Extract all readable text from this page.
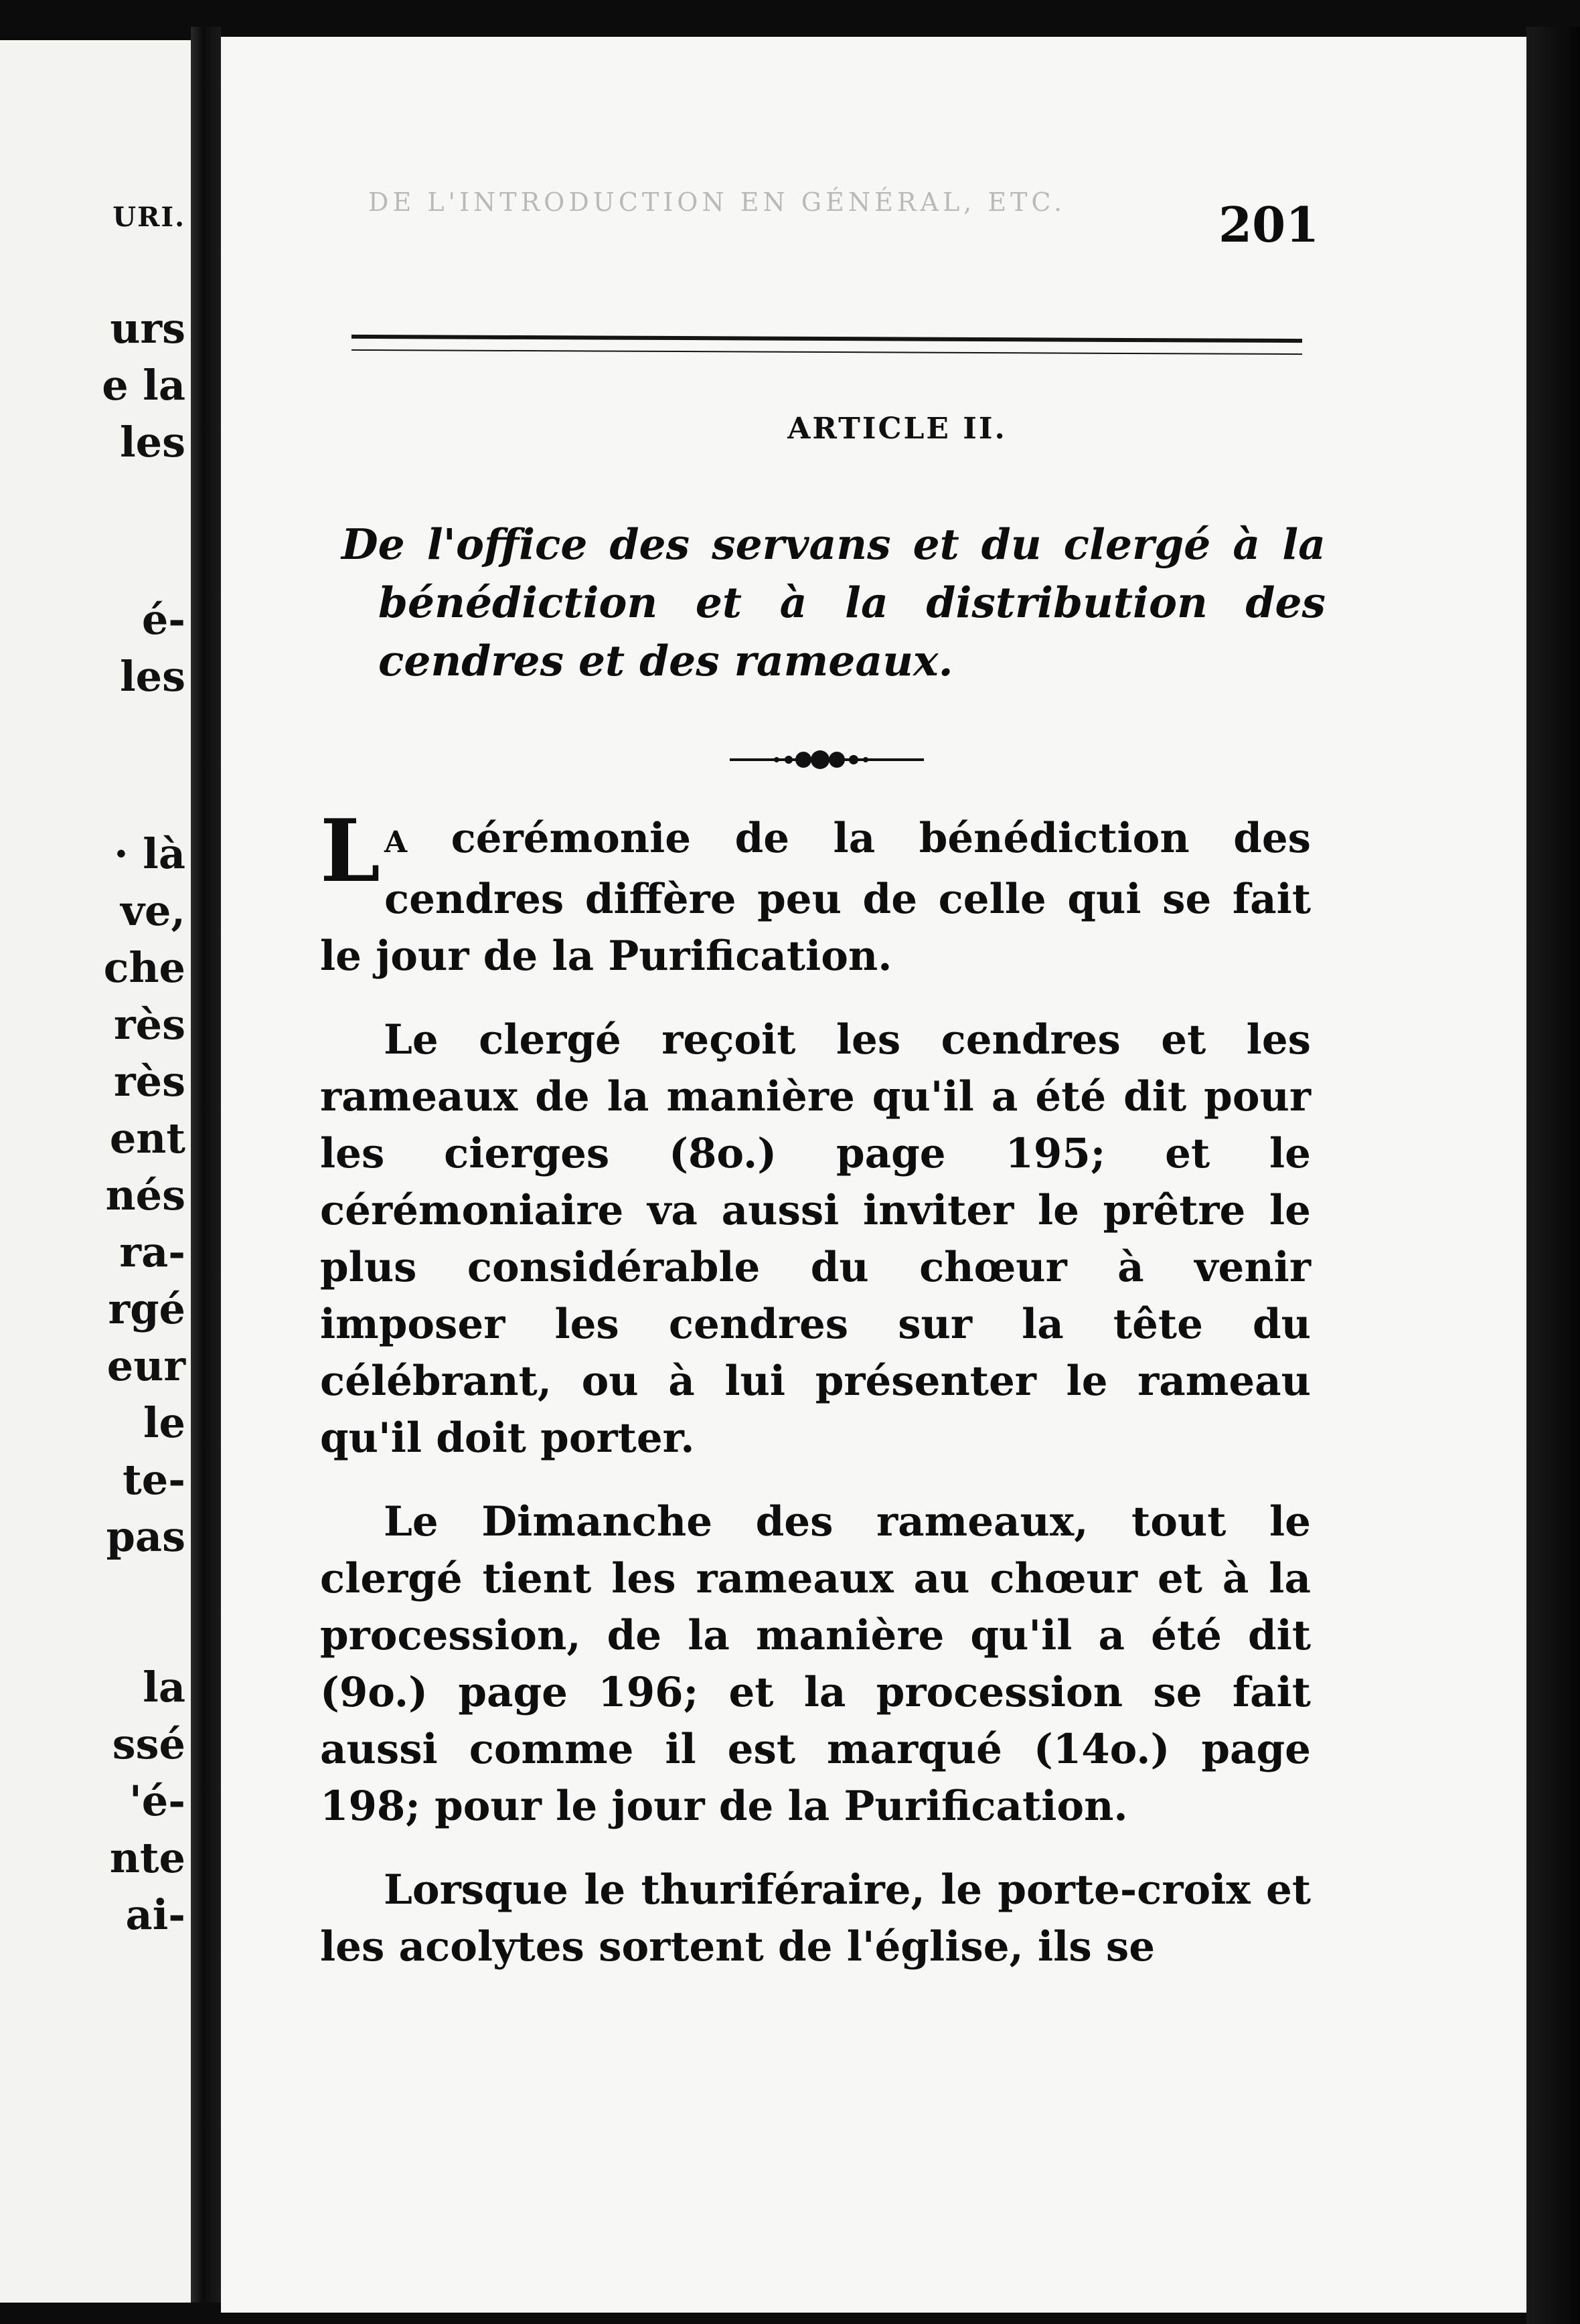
URI.
urs
e la
les
é-
les
· là
ve,
che
rès
rès
ent
nés
ra-
rgé
eur
le
te-
pas
la
ssé
'é-
nte
ai-
DE L'INTRODUCTION EN GÉNÉRAL, ETC.	201
ARTICLE II.
De l'office des servans et du clergé à la bénédiction et à la distribution des cendres et des rameaux.

L A cérémonie de la bénédiction des cendres diffère peu de celle qui se fait le jour de la Purification.

Le clergé reçoit les cendres et les rameaux de la manière qu'il a été dit pour les cierges (8o.) page 195; et le cérémoniaire va aussi inviter le prêtre le plus considérable du chœur à venir imposer les cendres sur la tête du célébrant, ou à lui présenter le rameau qu'il doit porter.

Le Dimanche des rameaux, tout le clergé tient les rameaux au chœur et à la procession, de la manière qu'il a été dit (9o.) page 196; et la procession se fait aussi comme il est marqué (14o.) page 198; pour le jour de la Purification.

Lorsque le thuriféraire, le porte-croix et les acolytes sortent de l'église, ils se
